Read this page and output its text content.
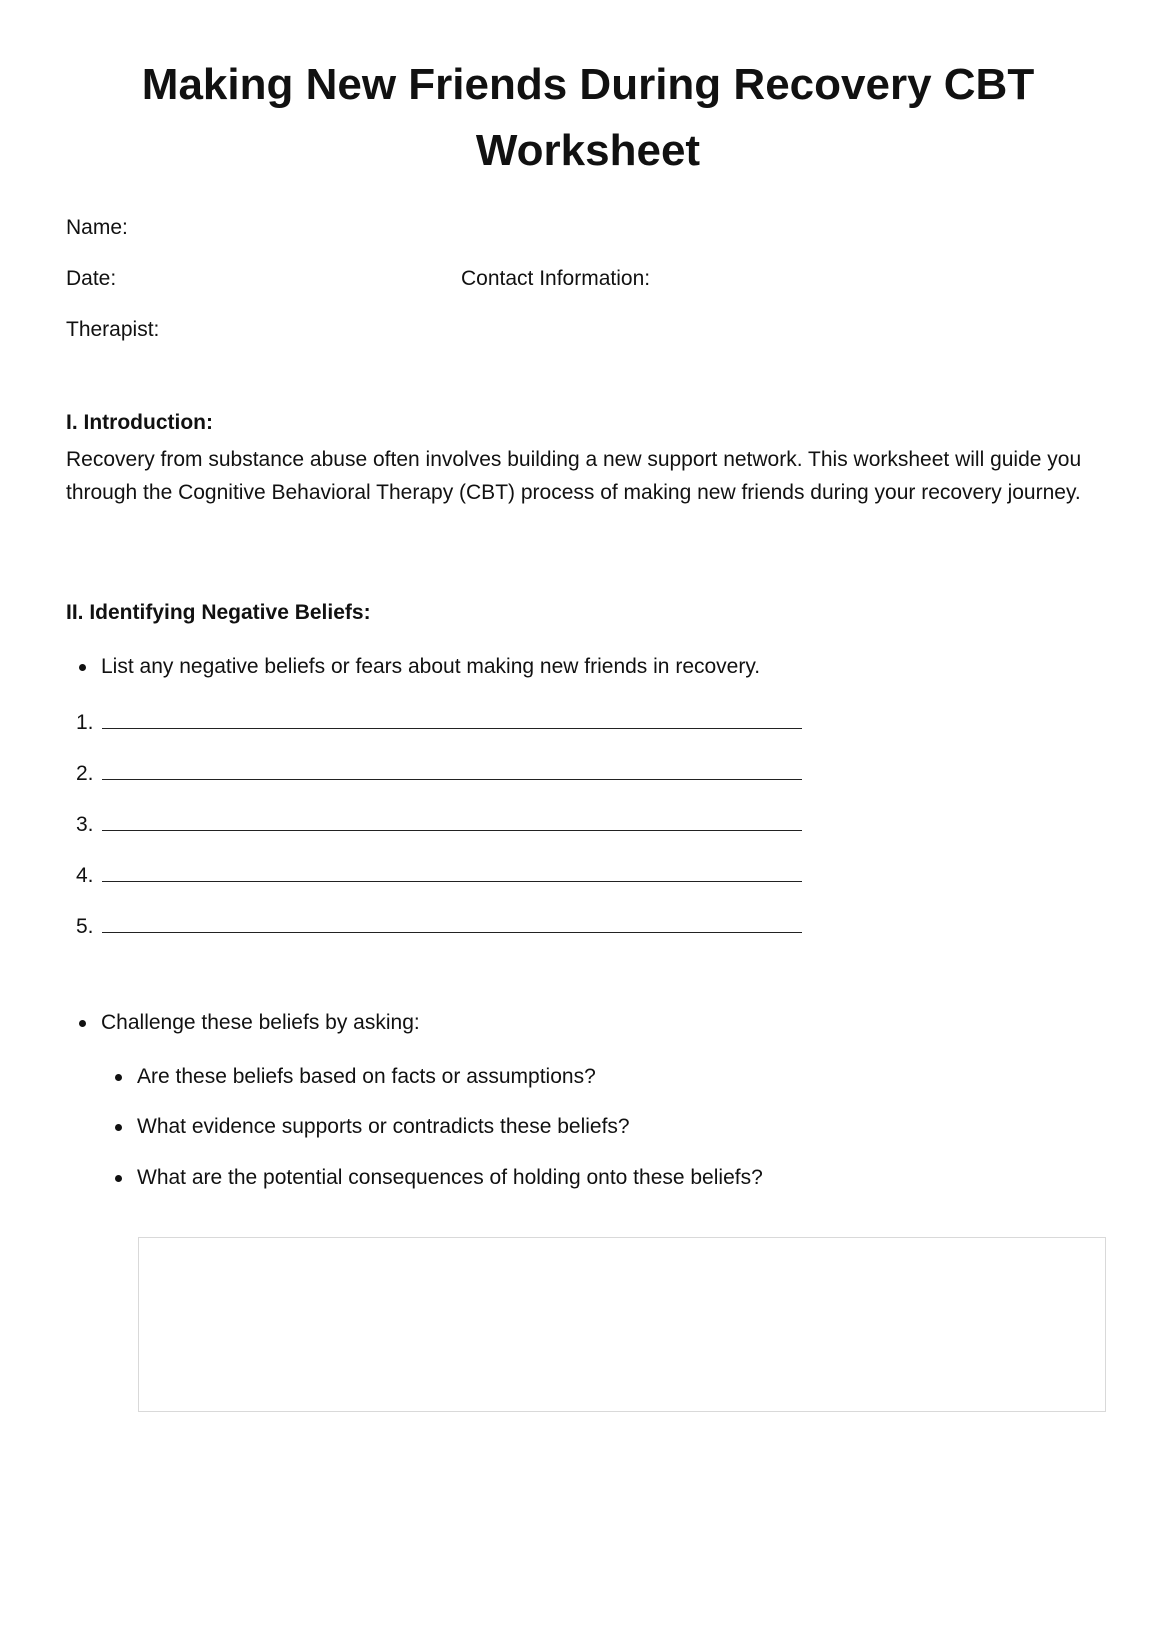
Making New Friends During Recovery CBT Worksheet
Name:
Date:	Contact Information:
Therapist:
I. Introduction:

Recovery from substance abuse often involves building a new support network. This worksheet will guide you through the Cognitive Behavioral Therapy (CBT) process of making new friends during your recovery journey.

II. Identifying Negative Beliefs:
List any negative beliefs or fears about making new friends in recovery.
1.
2.
3.
4.
5.
Challenge these beliefs by asking:
Are these beliefs based on facts or assumptions?
What evidence supports or contradicts these beliefs?
What are the potential consequences of holding onto these beliefs?
